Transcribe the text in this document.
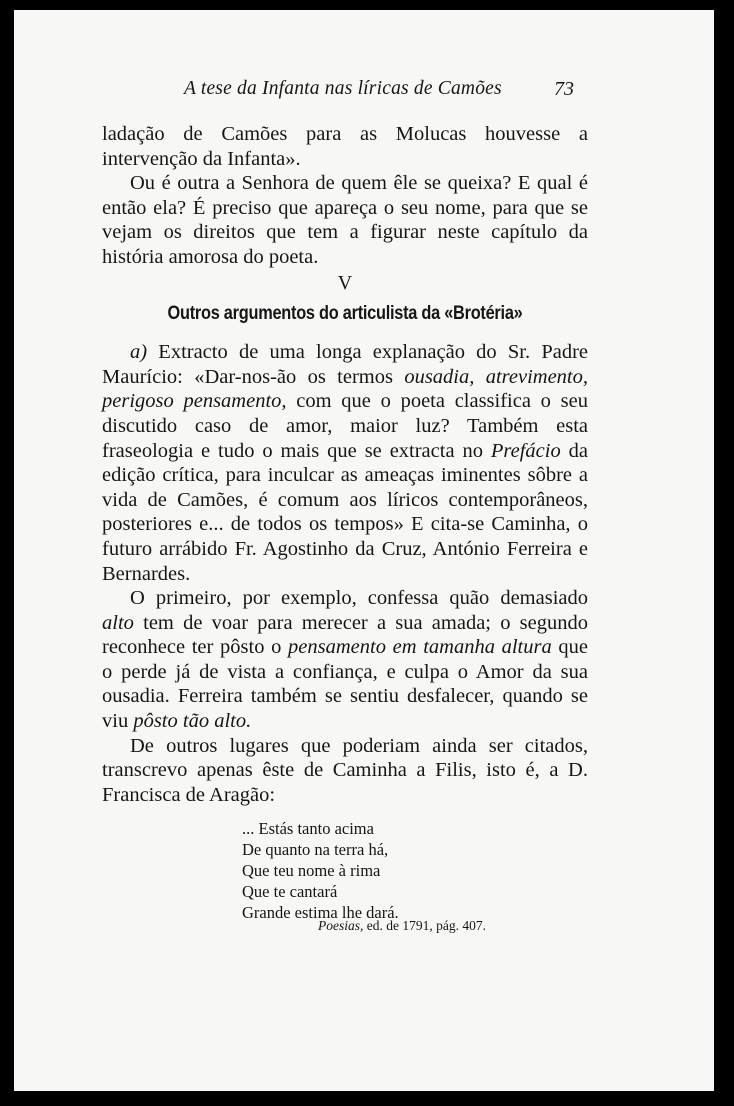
A tese da Infanta nas líricas de Camões	73

ladação de Camões para as Molucas houvesse a intervenção da Infanta».

Ou é outra a Senhora de quem êle se queixa? E qual é então ela? É preciso que apareça o seu nome, para que se vejam os direitos que tem a figurar neste capítulo da história amorosa do poeta.

V
Outros argumentos do articulista da «Brotéria»

a) Extracto de uma longa explanação do Sr. Padre Maurício: «Dar-nos-ão os termos ousadia, atrevimento, perigoso pensamento, com que o poeta classifica o seu discutido caso de amor, maior luz? Também esta fraseologia e tudo o mais que se extracta no Prefácio da edição crítica, para inculcar as ameaças iminentes sôbre a vida de Camões, é comum aos líricos contemporâneos, posteriores e... de todos os tempos» E cita-se Caminha, o futuro arrábido Fr. Agostinho da Cruz, António Ferreira e Bernardes.

O primeiro, por exemplo, confessa quão demasiado alto tem de voar para merecer a sua amada; o segundo reconhece ter pôsto o pensamento em tamanha altura que o perde já de vista a confiança, e culpa o Amor da sua ousadia. Ferreira também se sentiu desfalecer, quando se viu pôsto tão alto.

De outros lugares que poderiam ainda ser citados, transcrevo apenas êste de Caminha a Filis, isto é, a D. Francisca de Aragão:

... Estás tanto acima
De quanto na terra há,
Que teu nome à rima
Que te cantará
Grande estima lhe dará.
Poesias, ed. de 1791, pág. 407.
